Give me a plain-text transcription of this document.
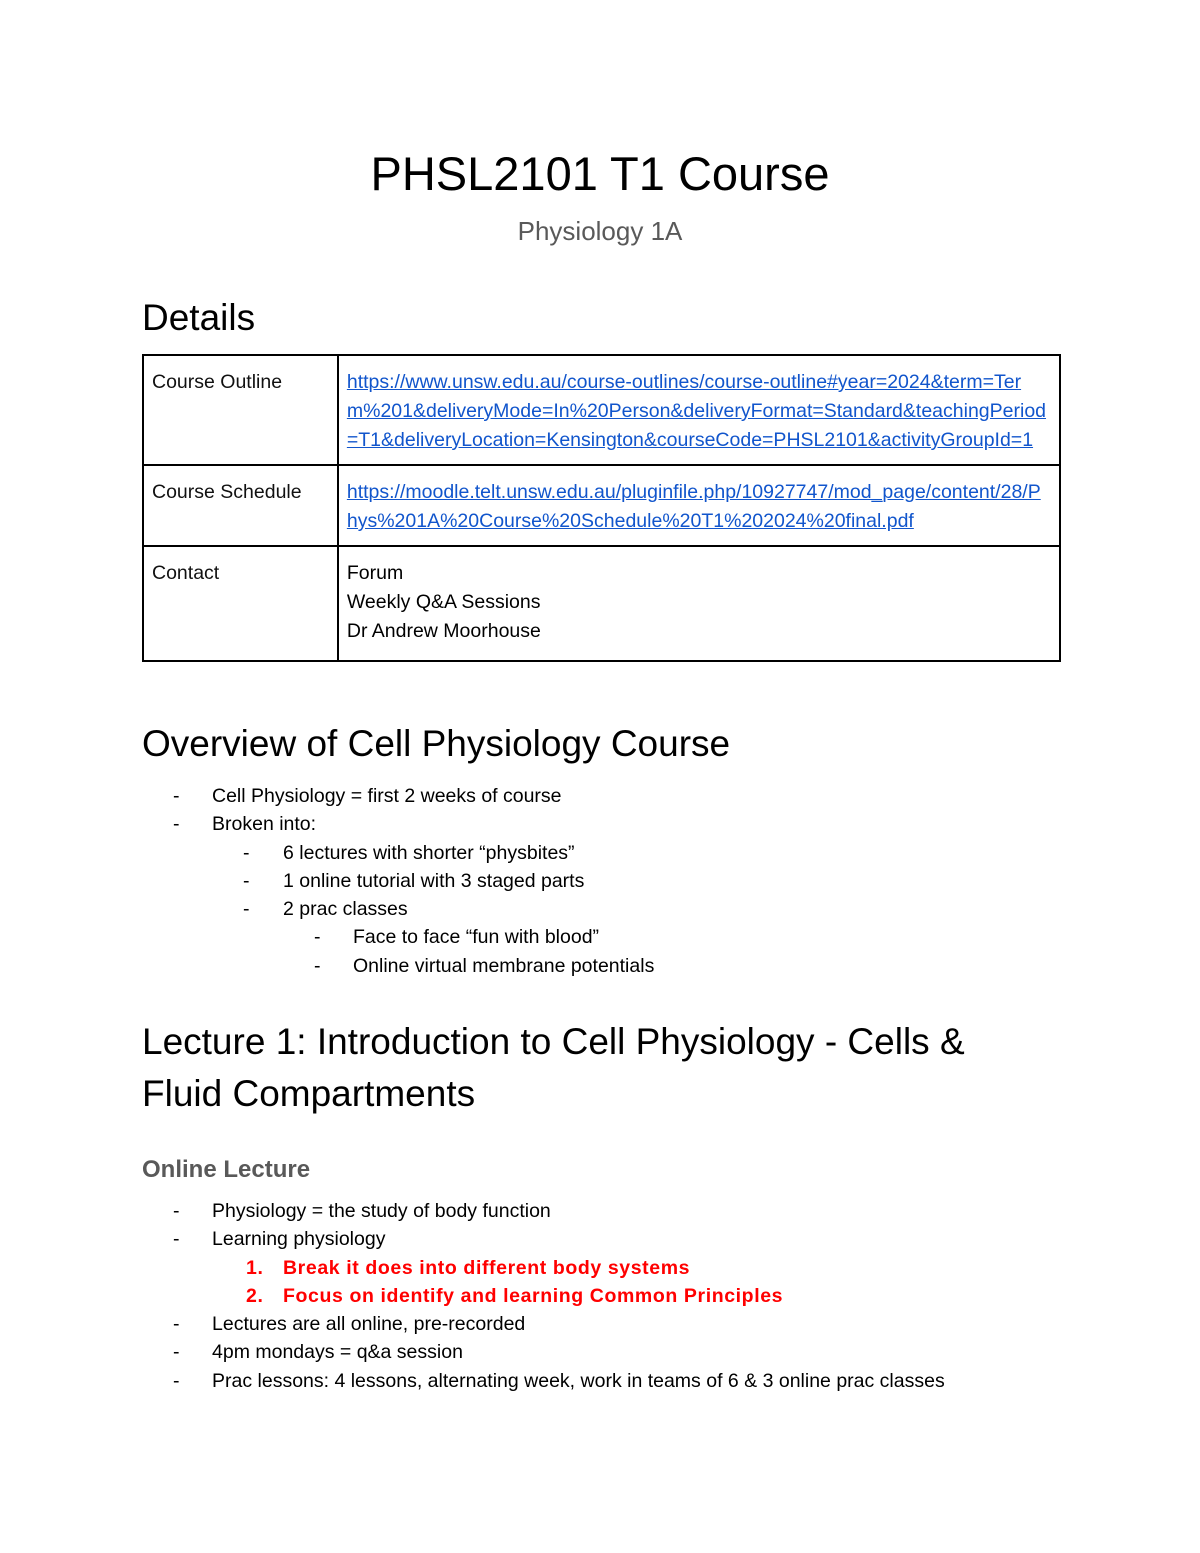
PHSL2101 T1 Course
Physiology 1A
Details
Course Outline	https://www.unsw.edu.au/course-outlines/course-outline#year=2024&term=Term%201&deliveryMode=In%20Person&deliveryFormat=Standard&teachingPeriod=T1&deliveryLocation=Kensington&courseCode=PHSL2101&activityGroupId=1
Course Schedule	https://moodle.telt.unsw.edu.au/pluginfile.php/10927747/mod_page/content/28/Phys%201A%20Course%20Schedule%20T1%202024%20final.pdf
Contact	Forum
Weekly Q&A Sessions
Dr Andrew Moorhouse
Overview of Cell Physiology Course
-	Cell Physiology = first 2 weeks of course
-	Broken into:
-	6 lectures with shorter “physbites”
-	1 online tutorial with 3 staged parts
-	2 prac classes
-	Face to face “fun with blood”
-	Online virtual membrane potentials
Lecture 1: Introduction to Cell Physiology - Cells & Fluid Compartments
Online Lecture
-	Physiology = the study of body function
-	Learning physiology
1. Break it does into different body systems
2. Focus on identify and learning Common Principles
-	Lectures are all online, pre-recorded
-	4pm mondays = q&a session
-	Prac lessons: 4 lessons, alternating week, work in teams of 6 & 3 online prac classes
